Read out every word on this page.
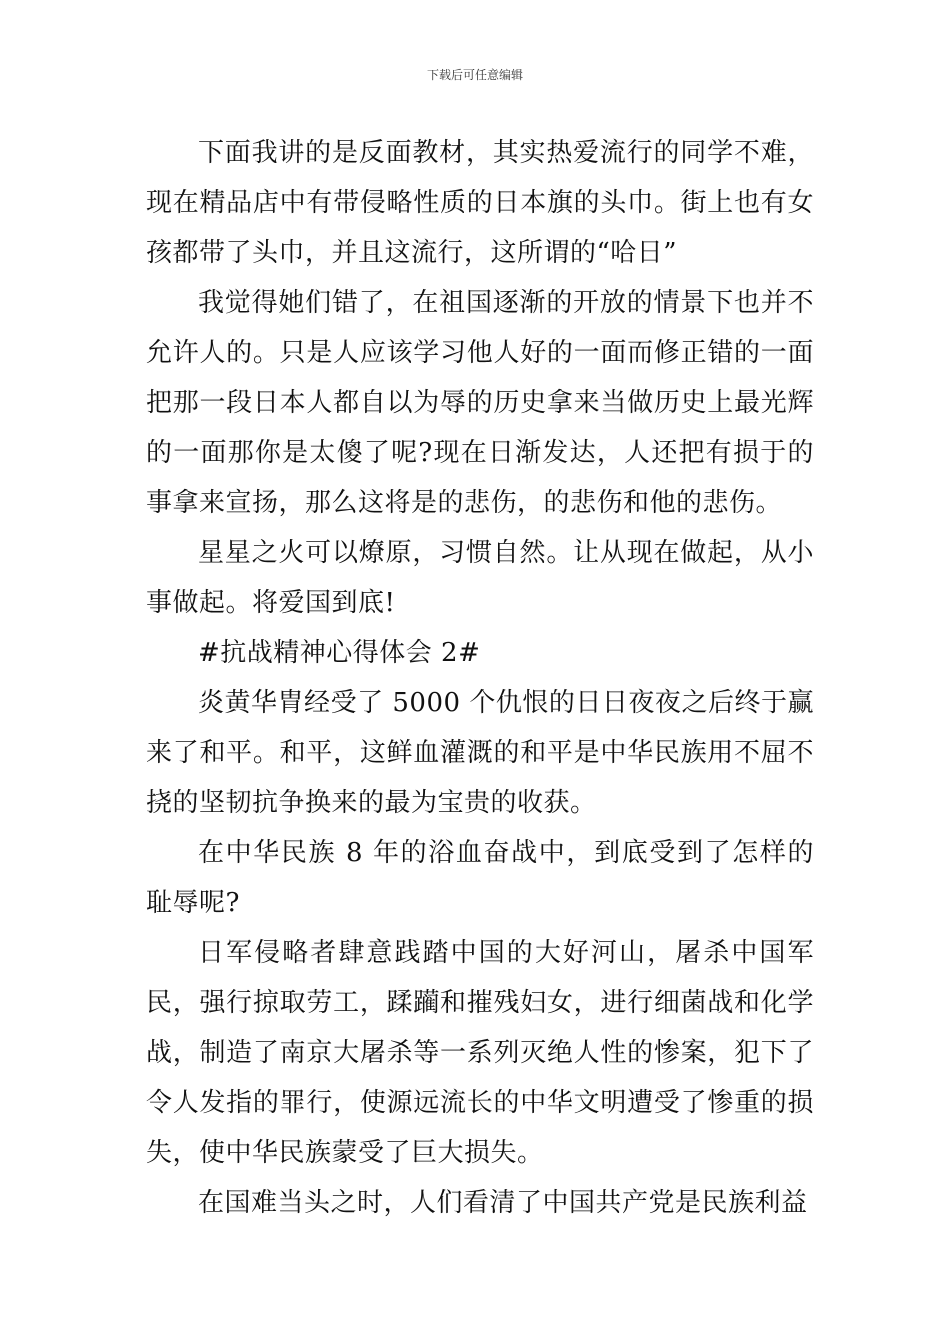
下载后可任意编辑

下面我讲的是反面教材，其实热爱流行的同学不难，现在精品店中有带侵略性质的日本旗的头巾。街上也有女孩都带了头巾，并且这流行，这所谓的“哈日”

我觉得她们错了，在祖国逐渐的开放的情景下也并不允许人的。只是人应该学习他人好的一面而修正错的一面把那一段日本人都自以为辱的历史拿来当做历史上最光辉的一面那你是太傻了呢?现在日渐发达，人还把有损于的事拿来宣扬，那么这将是的悲伤，的悲伤和他的悲伤。

星星之火可以燎原，习惯自然。让从现在做起，从小事做起。将爱国到底!

#抗战精神心得体会 2#

炎黄华胄经受了 5000 个仇恨的日日夜夜之后终于赢来了和平。和平，这鲜血灌溉的和平是中华民族用不屈不挠的坚韧抗争换来的最为宝贵的收获。

在中华民族 8 年的浴血奋战中，到底受到了怎样的耻辱呢?

日军侵略者肆意践踏中国的大好河山，屠杀中国军民，强行掠取劳工，蹂躏和摧残妇女，进行细菌战和化学战，制造了南京大屠杀等一系列灭绝人性的惨案，犯下了令人发指的罪行，使源远流长的中华文明遭受了惨重的损失，使中华民族蒙受了巨大损失。

在国难当头之时，人们看清了中国共产党是民族利益
